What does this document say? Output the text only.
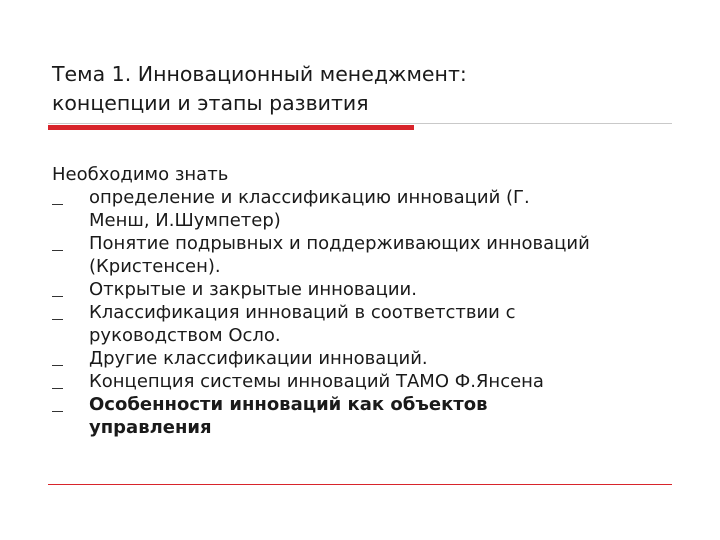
Тема 1. Инновационный менеджмент:
концепции и этапы развития
Необходимо знать
определение и классификацию инноваций (Г.
Менш, И.Шумпетер)
Понятие подрывных и поддерживающих инноваций
(Кристенсен).
Открытые и закрытые инновации.
Классификация инноваций в соответствии с
руководством Осло.
Другие классификации инноваций.
Концепция системы инноваций ТАМО Ф.Янсена
Особенности инноваций как объектов
управления
